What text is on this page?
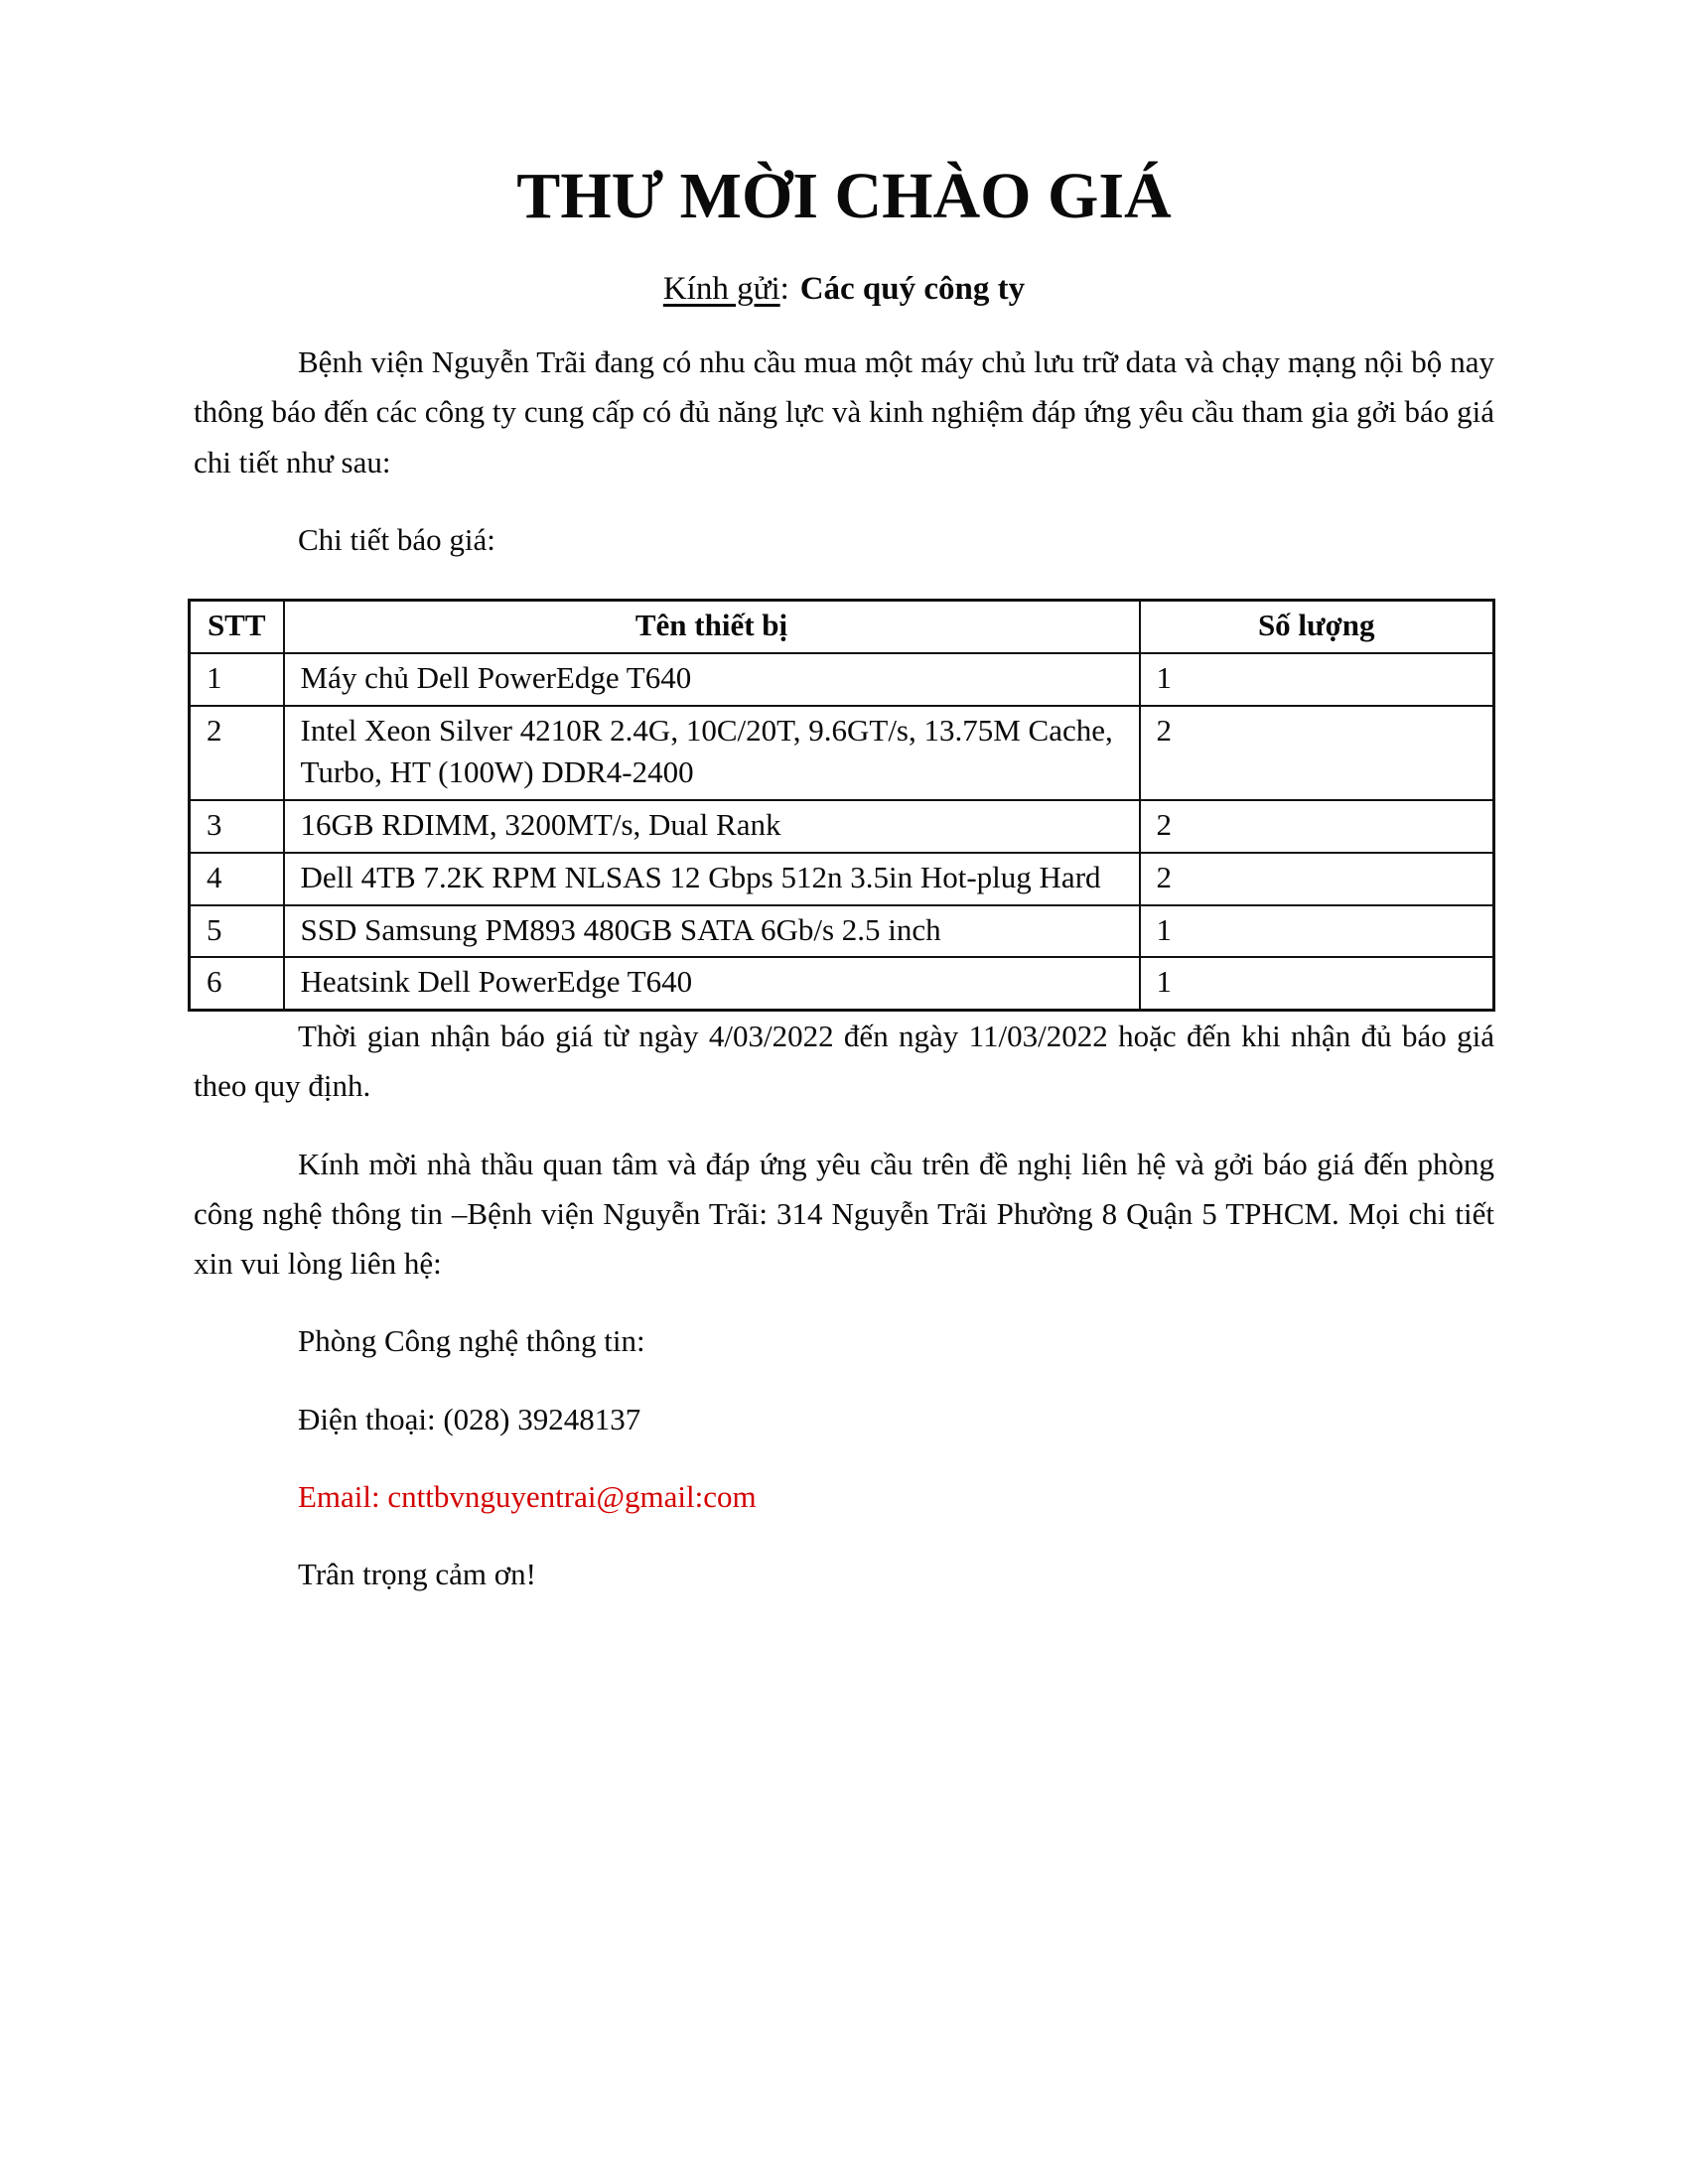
THƯ MỜI CHÀO GIÁ
Kính gửi: Các quý công ty

Bệnh viện Nguyễn Trãi đang có nhu cầu mua một máy chủ lưu trữ data và chạy mạng nội bộ nay thông báo đến các công ty cung cấp có đủ năng lực và kinh nghiệm đáp ứng yêu cầu tham gia gởi báo giá chi tiết như sau:

Chi tiết báo giá:

STT	Tên thiết bị	Số lượng
1	Máy chủ Dell PowerEdge T640	1
2	Intel Xeon Silver 4210R 2.4G, 10C/20T, 9.6GT/s, 13.75M Cache, Turbo, HT (100W) DDR4-2400	2
3	16GB RDIMM, 3200MT/s, Dual Rank	2
4	Dell 4TB 7.2K RPM NLSAS 12 Gbps 512n 3.5in Hot-plug Hard	2
5	SSD Samsung PM893 480GB SATA 6Gb/s 2.5 inch	1
6	Heatsink Dell PowerEdge T640	1

Thời gian nhận báo giá từ ngày 4/03/2022 đến ngày 11/03/2022 hoặc đến khi nhận đủ báo giá theo quy định.

Kính mời nhà thầu quan tâm và đáp ứng yêu cầu trên đề nghị liên hệ và gởi báo giá đến phòng công nghệ thông tin –Bệnh viện Nguyễn Trãi: 314 Nguyễn Trãi Phường 8 Quận 5 TPHCM. Mọi chi tiết xin vui lòng liên hệ:

Phòng Công nghệ thông tin:

Điện thoại: (028) 39248137

Email: cnttbvnguyentrai@gmail:com

Trân trọng cảm ơn!
